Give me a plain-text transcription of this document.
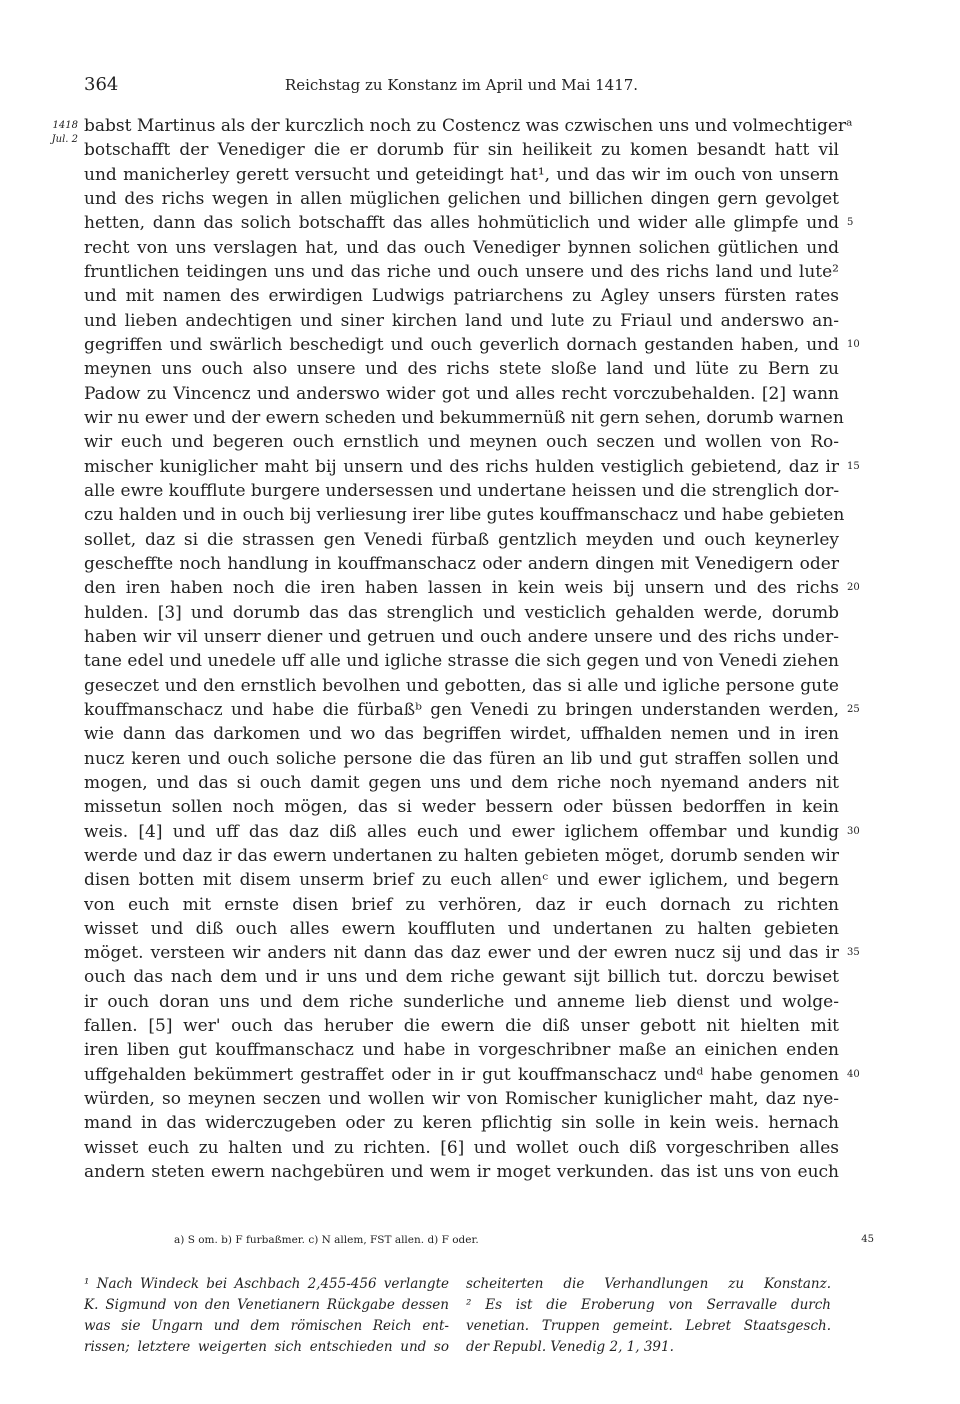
364	Reichstag zu Konstanz im April und Mai 1417.
1418
Jul. 2
babst Martinus als der kurczlich noch zu Costencz was czwischen uns und volmechtigerᵃ
botschafft der Venediger die er dorumb für sin heilikeit zu komen besandt hatt vil
und manicherley gerett versucht und geteidingt hat¹, und das wir im ouch von unsern
und des richs wegen in allen müglichen gelichen und billichen dingen gern gevolget
hetten, dann das solich botschafft das alles hohmüticlich und wider alle glimpfe und 5
recht von uns verslagen hat, und das ouch Venediger bynnen solichen gütlichen und
fruntlichen teidingen uns und das riche und ouch unsere und des richs land und lute²
und mit namen des erwirdigen Ludwigs patriarchens zu Agley unsers fürsten rates
und lieben andechtigen und siner kirchen land und lute zu Friaul und anderswo an-
gegriffen und swärlich beschedigt und ouch geverlich dornach gestanden haben, und 10
meynen uns ouch also unsere und des richs stete sloße land und lüte zu Bern zu
Padow zu Vincencz und anderswo wider got und alles recht vorczubehalden. [2] wann
wir nu ewer und der ewern scheden und bekummernüß nit gern sehen, dorumb warnen
wir euch und begeren ouch ernstlich und meynen ouch seczen und wollen von Ro-
mischer kuniglicher maht bij unsern und des richs hulden vestiglich gebietend, daz ir 15
alle ewre koufflute burgere undersessen und undertane heissen und die strenglich dor-
czu halden und in ouch bij verliesung irer libe gutes kouffmanschacz und habe gebieten
sollet, daz si die strassen gen Venedi fürbaß gentzlich meyden und ouch keynerley
gescheffte noch handlung in kouffmanschacz oder andern dingen mit Venedigern oder
den iren haben noch die iren haben lassen in kein weis bij unsern und des richs 20
hulden. [3] und dorumb das das strenglich und vesticlich gehalden werde, dorumb
haben wir vil unserr diener und getruen und ouch andere unsere und des richs under-
tane edel und unedele uff alle und igliche strasse die sich gegen und von Venedi ziehen
geseczet und den ernstlich bevolhen und gebotten, das si alle und igliche persone gute
kouffmanschacz und habe die fürbaßᵇ gen Venedi zu bringen understanden werden, 25
wie dann das darkomen und wo das begriffen wirdet, uffhalden nemen und in iren
nucz keren und ouch soliche persone die das füren an lib und gut straffen sollen und
mogen, und das si ouch damit gegen uns und dem riche noch nyemand anders nit
missetun sollen noch mögen, das si weder bessern oder büssen bedorffen in kein
weis. [4] und uff das daz diß alles euch und ewer iglichem offembar und kundig 30
werde und daz ir das ewern undertanen zu halten gebieten möget, dorumb senden wir
disen botten mit disem unserm brief zu euch allenᶜ und ewer iglichem, und begern
von euch mit ernste disen brief zu verhören, daz ir euch dornach zu richten
wisset und diß ouch alles ewern kouffluten und undertanen zu halten gebieten
möget. versteen wir anders nit dann das daz ewer und der ewren nucz sij und das ir 35
ouch das nach dem und ir uns und dem riche gewant sijt billich tut. dorczu bewiset
ir ouch doran uns und dem riche sunderliche und anneme lieb dienst und wolge-
fallen. [5] wer' ouch das heruber die ewern die diß unser gebott nit hielten mit
iren liben gut kouffmanschacz und habe in vorgeschribner maße an einichen enden
uffgehalden bekümmert gestraffet oder in ir gut kouffmanschacz undᵈ habe genomen 40
würden, so meynen seczen und wollen wir von Romischer kuniglicher maht, daz nye-
mand in das widerczugeben oder zu keren pflichtig sin solle in kein weis. hernach
wisset euch zu halten und zu richten. [6] und wollet ouch diß vorgeschriben alles
andern steten ewern nachgebüren und wem ir moget verkunden. das ist uns von euch
a) S om. b) F furbaßmer. c) N allem, FST allen. d) F oder.	45
¹ Nach Windeck bei Aschbach 2,455-456 verlangte
K. Sigmund von den Venetianern Rückgabe dessen
was sie Ungarn und dem römischen Reich ent-
rissen; letztere weigerten sich entschieden und so
scheiterten die Verhandlungen zu Konstanz.
² Es ist die Eroberung von Serravalle durch
venetian. Truppen gemeint. Lebret Staatsgesch.
der Republ. Venedig 2, 1, 391.
